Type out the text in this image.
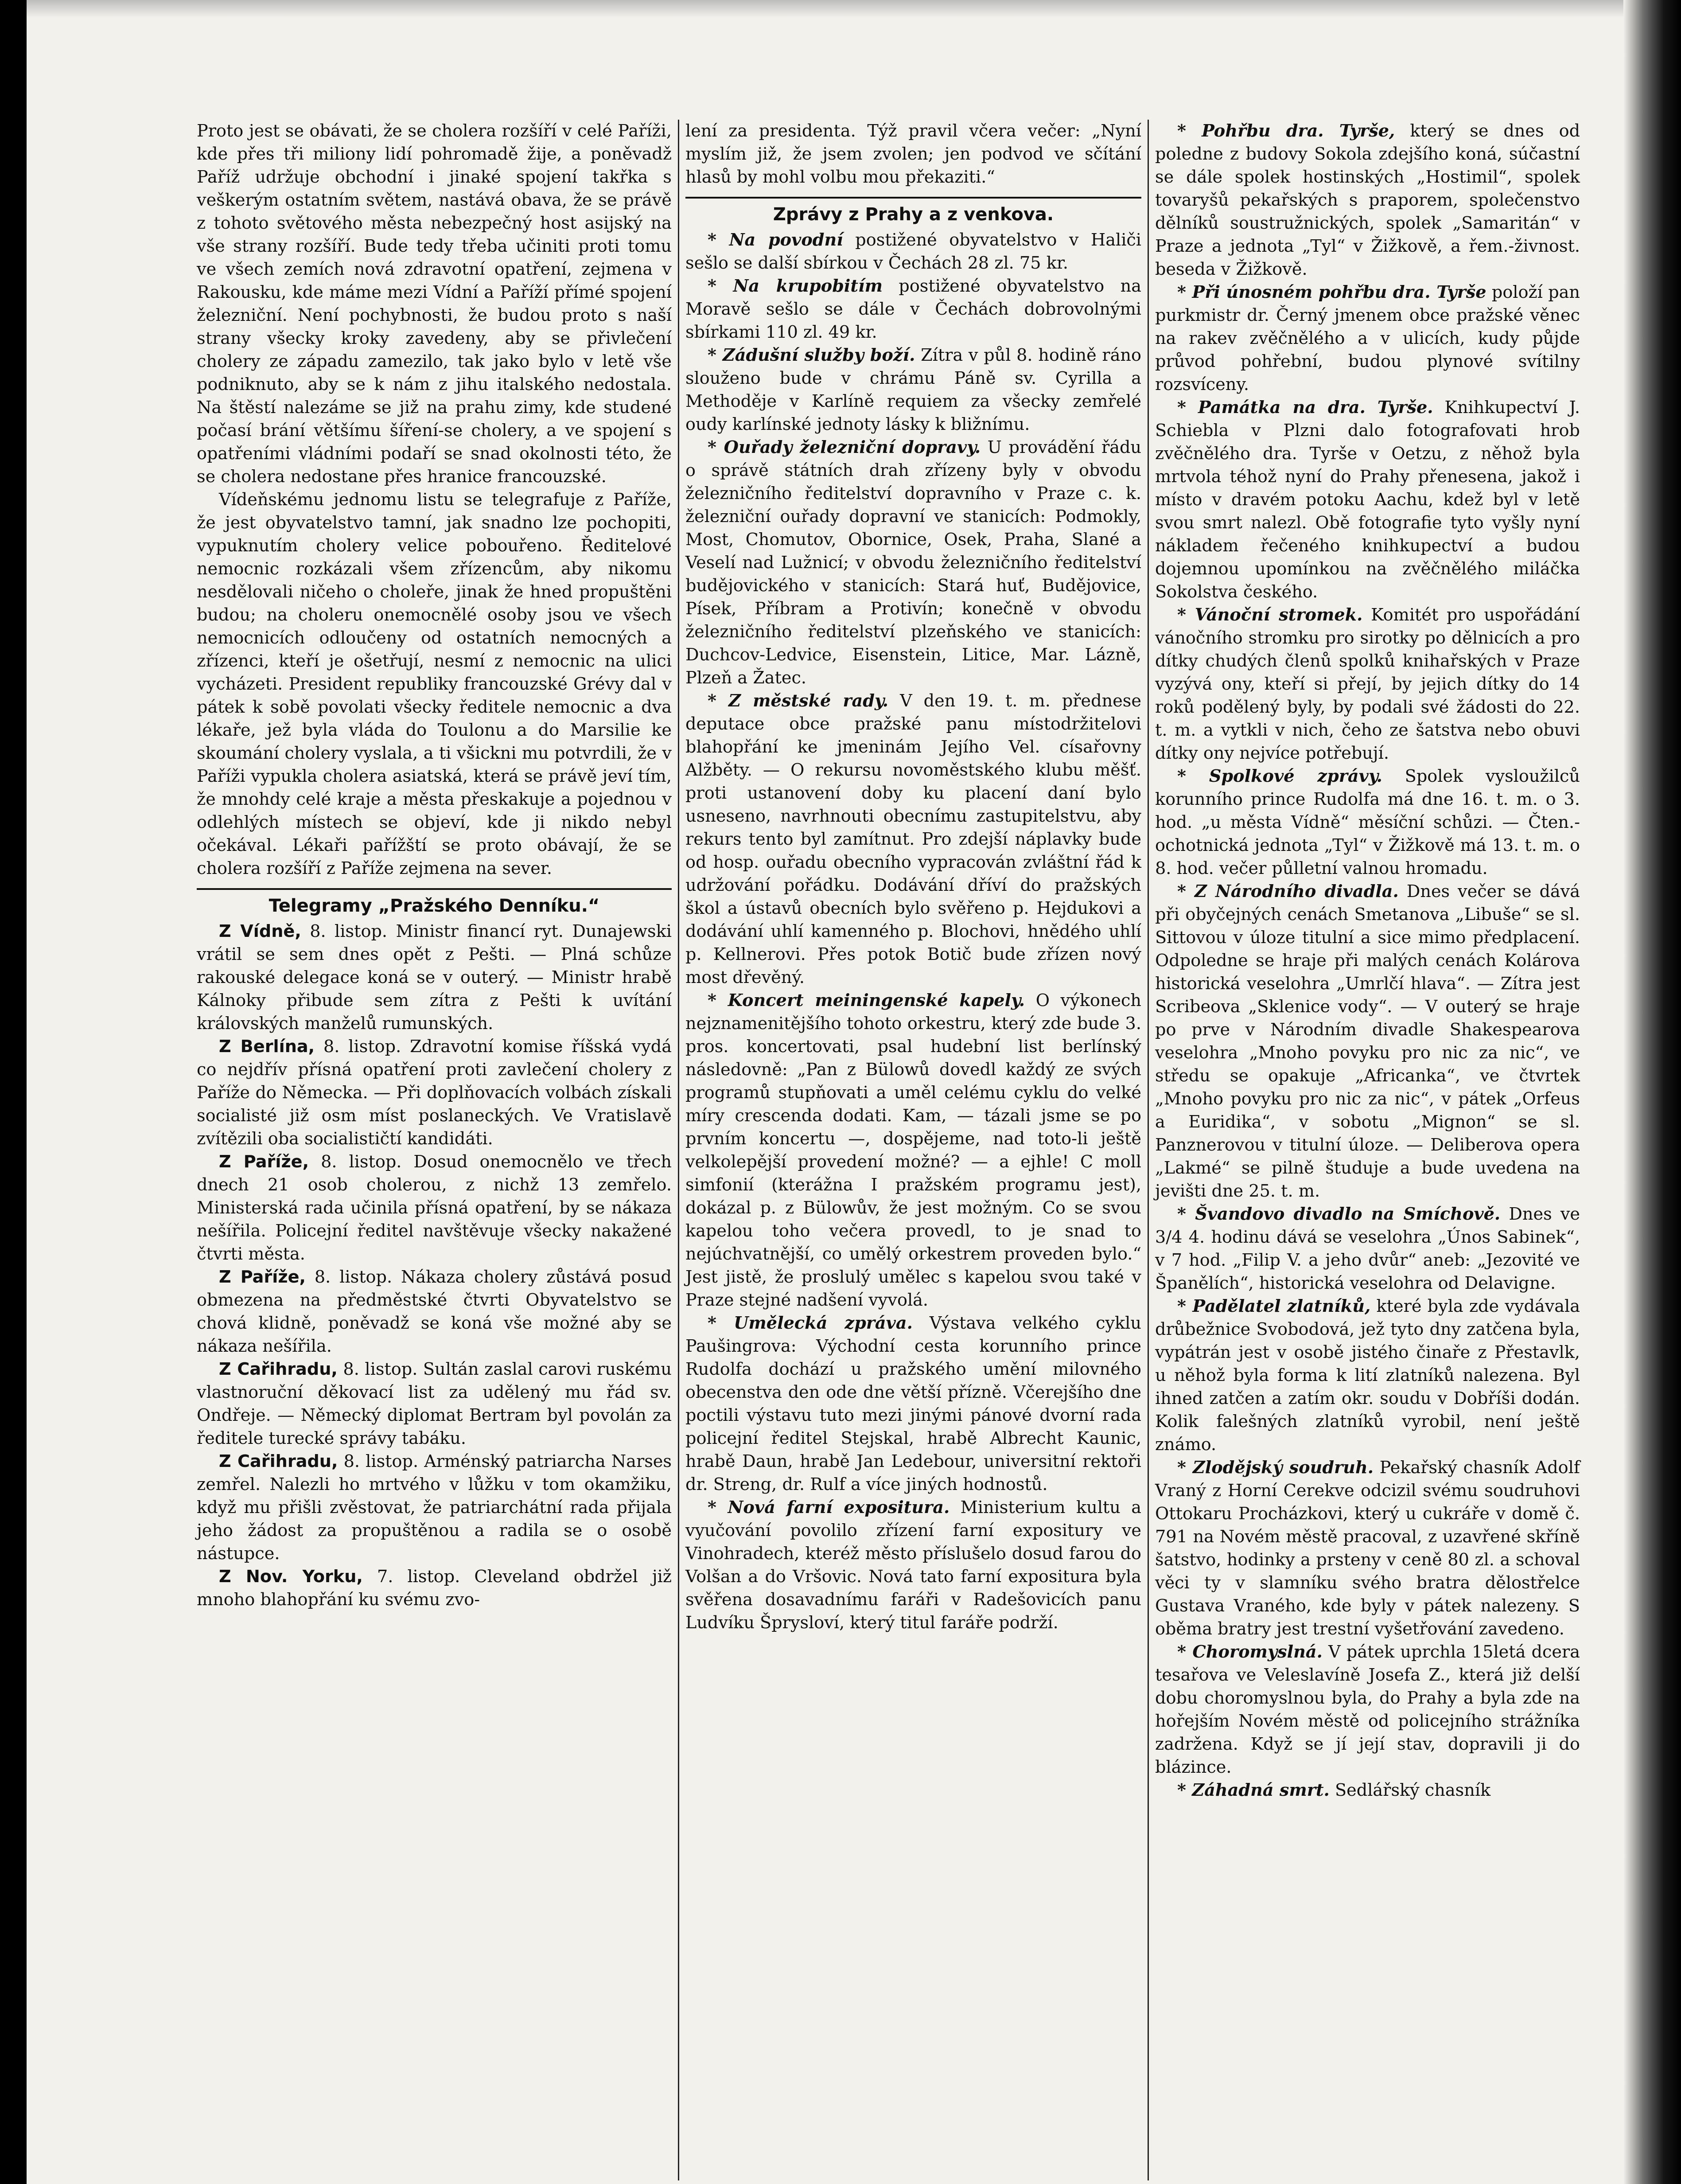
Proto jest se obávati, že se cholera rozšíří v celé Paříži, kde přes tři miliony lidí pohromadě žije, a poněvadž Paříž udržuje obchodní i jinaké spojení takřka s veškerým ostatním světem, nastává obava, že se právě z tohoto světového města nebezpečný host asijský na vše strany rozšíří. Bude tedy třeba učiniti proti tomu ve všech zemích nová zdravotní opatření, zejmena v Rakousku, kde máme mezi Vídní a Paříží přímé spojení železniční. Není pochybnosti, že budou proto s naší strany všecky kroky zavedeny, aby se přivlečení cholery ze západu zamezilo, tak jako bylo v letě vše podniknuto, aby se k nám z jihu italského nedostala. Na štěstí nalezáme se již na prahu zimy, kde studené počasí brání většímu šíření-se cholery, a ve spojení s opatřeními vládními podaří se snad okolnosti této, že se cholera nedostane přes hranice francouzské.

Vídeňskému jednomu listu se telegrafuje z Paříže, že jest obyvatelstvo tamní, jak snadno lze pochopiti, vypuknutím cholery velice pobouřeno. Ředitelové nemocnic rozkázali všem zřízencům, aby nikomu nesdělovali ničeho o choleře, jinak že hned propuštěni budou; na choleru onemocnělé osoby jsou ve všech nemocnicích odloučeny od ostatních nemocných a zřízenci, kteří je ošetřují, nesmí z nemocnic na ulici vycházeti. President republiky francouzské Grévy dal v pátek k sobě povolati všecky ředitele nemocnic a dva lékaře, jež byla vláda do Toulonu a do Marsilie ke skoumání cholery vyslala, a ti všickni mu potvrdili, že v Paříži vypukla cholera asiatská, která se právě jeví tím, že mnohdy celé kraje a města přeskakuje a pojednou v odlehlých místech se objeví, kde ji nikdo nebyl očekával. Lékaři pařížští se proto obávají, že se cholera rozšíří z Paříže zejmena na sever.

Telegramy „Pražského Denníku.“

Z Vídně, 8. listop. Ministr financí ryt. Dunajewski vrátil se sem dnes opět z Pešti. — Plná schůze rakouské delegace koná se v outerý. — Ministr hrabě Kálnoky přibude sem zítra z Pešti k uvítání královských manželů rumunských.

Z Berlína, 8. listop. Zdravotní komise říšská vydá co nejdřív přísná opatření proti zavlečení cholery z Paříže do Německa. — Při doplňovacích volbách získali socialisté již osm míst poslaneckých. Ve Vratislavě zvítězili oba socialističtí kandidáti.

Z Paříže, 8. listop. Dosud onemocnělo ve třech dnech 21 osob cholerou, z nichž 13 zemřelo. Ministerská rada učinila přísná opatření, by se nákaza nešířila. Policejní ředitel navštěvuje všecky nakažené čtvrti města.

Z Paříže, 8. listop. Nákaza cholery zůstává posud obmezena na předměstské čtvrti Obyvatelstvo se chová klidně, poněvadž se koná vše možné aby se nákaza nešířila.

Z Cařihradu, 8. listop. Sultán zaslal carovi ruskému vlastnoruční děkovací list za udělený mu řád sv. Ondřeje. — Německý diplomat Bertram byl povolán za ředitele turecké správy tabáku.

Z Cařihradu, 8. listop. Arménský patriarcha Narses zemřel. Nalezli ho mrtvého v lůžku v tom okamžiku, když mu přišli zvěstovat, že patriarchátní rada přijala jeho žádost za propuštěnou a radila se o osobě nástupce.

Z Nov. Yorku, 7. listop. Cleveland obdržel již mnoho blahopřání ku svému zvo-

lení za presidenta. Týž pravil včera večer: „Nyní myslím již, že jsem zvolen; jen podvod ve sčítání hlasů by mohl volbu mou překaziti.“

Zprávy z Prahy a z venkova.

* Na povodní postižené obyvatelstvo v Haliči sešlo se další sbírkou v Čechách 28 zl. 75 kr.

* Na krupobitím postižené obyvatelstvo na Moravě sešlo se dále v Čechách dobrovolnými sbírkami 110 zl. 49 kr.

* Zádušní služby boží. Zítra v půl 8. hodině ráno slouženo bude v chrámu Páně sv. Cyrilla a Methoděje v Karlíně requiem za všecky zemřelé oudy karlínské jednoty lásky k bližnímu.

* Ouřady železniční dopravy. U provádění řádu o správě státních drah zřízeny byly v obvodu železničního ředitelství dopravního v Praze c. k. železniční ouřady dopravní ve stanicích: Podmokly, Most, Chomutov, Obornice, Osek, Praha, Slané a Veselí nad Lužnicí; v obvodu železničního ředitelství budějovického v stanicích: Stará huť, Budějovice, Písek, Příbram a Protivín; konečně v obvodu železničního ředitelství plzeňského ve stanicích: Duchcov-Ledvice, Eisenstein, Litice, Mar. Lázně, Plzeň a Žatec.

* Z městské rady. V den 19. t. m. přednese deputace obce pražské panu místodržitelovi blahopřání ke jmeninám Jejího Vel. císařovny Alžběty. — O rekursu novoměstského klubu měšť. proti ustanovení doby ku placení daní bylo usneseno, navrhnouti obecnímu zastupitelstvu, aby rekurs tento byl zamítnut. Pro zdejší náplavky bude od hosp. ouřadu obecního vypracován zvláštní řád k udržování pořádku. Dodávání dříví do pražských škol a ústavů obecních bylo svěřeno p. Hejdukovi a dodávání uhlí kamenného p. Blochovi, hnědého uhlí p. Kellnerovi. Přes potok Botič bude zřízen nový most dřevěný.

* Koncert meiningenské kapely. O výkonech nejznamenitějšího tohoto orkestru, který zde bude 3. pros. koncertovati, psal hudební list berlínský následovně: „Pan z Bülowů dovedl každý ze svých programů stupňovati a uměl celému cyklu do velké míry crescenda dodati. Kam, — tázali jsme se po prvním koncertu —, dospějeme, nad toto-li ještě velkolepější provedení možné? — a ejhle! C moll simfonií (kterážna I pražském programu jest), dokázal p. z Bülowův, že jest možným. Co se svou kapelou toho večera provedl, to je snad to nejúchvatnější, co umělý orkestrem proveden bylo.“ Jest jistě, že proslulý umělec s kapelou svou také v Praze stejné nadšení vyvolá.

* Umělecká zpráva. Výstava velkého cyklu Paušingrova: Východní cesta korunního prince Rudolfa dochází u pražského umění milovného obecenstva den ode dne větší přízně. Včerejšího dne poctili výstavu tuto mezi jinými pánové dvorní rada policejní ředitel Stejskal, hrabě Albrecht Kaunic, hrabě Daun, hrabě Jan Ledebour, universitní rektoři dr. Streng, dr. Rulf a více jiných hodnostů.

* Nová farní expositura. Ministerium kultu a vyučování povolilo zřízení farní expositury ve Vinohradech, kteréž město příslušelo dosud farou do Volšan a do Vršovic. Nová tato farní expositura byla svěřena dosavadnímu faráři v Radešovicích panu Ludvíku Šprysloví, který titul faráře podrží.

* Pohřbu dra. Tyrše, který se dnes od poledne z budovy Sokola zdejšího koná, súčastní se dále spolek hostinských „Hostimil“, spolek tovaryšů pekařských s praporem, společenstvo dělníků soustružnických, spolek „Samaritán“ v Praze a jednota „Tyl“ v Žižkově, a řem.-živnost. beseda v Žižkově.

* Při únosném pohřbu dra. Tyrše položí pan purkmistr dr. Černý jmenem obce pražské věnec na rakev zvěčnělého a v ulicích, kudy půjde průvod pohřební, budou plynové svítilny rozsvíceny.

* Památka na dra. Tyrše. Knihkupectví J. Schiebla v Plzni dalo fotografovati hrob zvěčnělého dra. Tyrše v Oetzu, z něhož byla mrtvola téhož nyní do Prahy přenesena, jakož i místo v dravém potoku Aachu, kdež byl v letě svou smrt nalezl. Obě fotografie tyto vyšly nyní nákladem řečeného knihkupectví a budou dojemnou upomínkou na zvěčnělého miláčka Sokolstva českého.

* Vánoční stromek. Komitét pro uspořádání vánočního stromku pro sirotky po dělnicích a pro dítky chudých členů spolků knihařských v Praze vyzývá ony, kteří si přejí, by jejich dítky do 14 roků podělený byly, by podali své žádosti do 22. t. m. a vytkli v nich, čeho ze šatstva nebo obuvi dítky ony nejvíce potřebují.

* Spolkové zprávy. Spolek vysloužilců korunního prince Rudolfa má dne 16. t. m. o 3. hod. „u města Vídně“ měsíční schůzi. — Čten.-ochotnická jednota „Tyl“ v Žižkově má 13. t. m. o 8. hod. večer půlletní valnou hromadu.

* Z Národního divadla. Dnes večer se dává při obyčejných cenách Smetanova „Libuše“ se sl. Sittovou v úloze titulní a sice mimo předplacení. Odpoledne se hraje při malých cenách Kolárova historická veselohra „Umrlčí hlava“. — Zítra jest Scribeova „Sklenice vody“. — V outerý se hraje po prve v Národním divadle Shakespearova veselohra „Mnoho povyku pro nic za nic“, ve středu se opakuje „Africanka“, ve čtvrtek „Mnoho povyku pro nic za nic“, v pátek „Orfeus a Euridika“, v sobotu „Mignon“ se sl. Panznerovou v titulní úloze. — Deliberova opera „Lakmé“ se pilně študuje a bude uvedena na jevišti dne 25. t. m.

* Švandovo divadlo na Smíchově. Dnes ve 3/4 4. hodinu dává se veselohra „Únos Sabinek“, v 7 hod. „Filip V. a jeho dvůr“ aneb: „Jezovité ve Španělích“, historická veselohra od Delavigne.

* Padělatel zlatníků, které byla zde vydávala drůbežnice Svobodová, jež tyto dny zatčena byla, vypátrán jest v osobě jistého činaře z Přestavlk, u něhož byla forma k lití zlatníků nalezena. Byl ihned zatčen a zatím okr. soudu v Dobříši dodán. Kolik falešných zlatníků vyrobil, není ještě známo.

* Zlodějský soudruh. Pekařský chasník Adolf Vraný z Horní Cerekve odcizil svému soudruhovi Ottokaru Procházkovi, který u cukráře v domě č. 791 na Novém městě pracoval, z uzavřené skříně šatstvo, hodinky a prsteny v ceně 80 zl. a schoval věci ty v slamníku svého bratra dělostřelce Gustava Vraného, kde byly v pátek nalezeny. S oběma bratry jest trestní vyšetřování zavedeno.

* Choromyslná. V pátek uprchla 15letá dcera tesařova ve Veleslavíně Josefa Z., která již delší dobu choromyslnou byla, do Prahy a byla zde na hořejším Novém městě od policejního strážníka zadržena. Když se jí její stav, dopravili ji do blázince.

* Záhadná smrt. Sedlářský chasník
